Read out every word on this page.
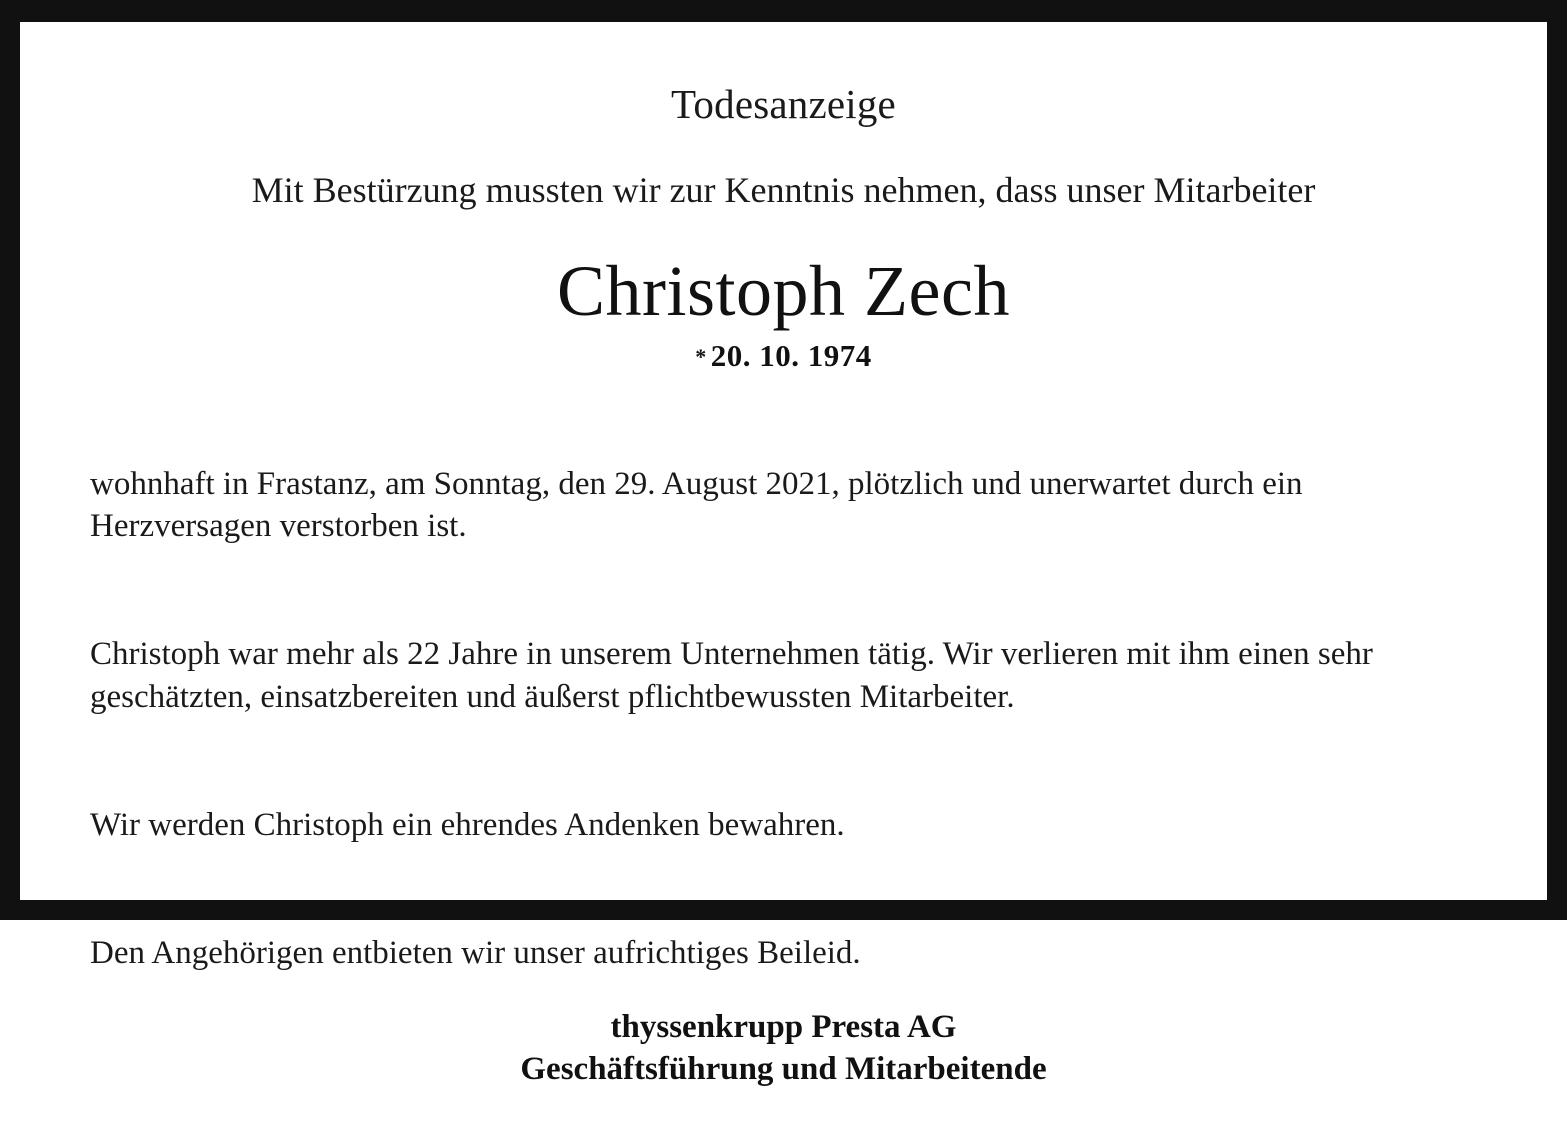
Todesanzeige
Mit Bestürzung mussten wir zur Kenntnis nehmen, dass unser Mitarbeiter
Christoph Zech
* 20. 10. 1974

wohnhaft in Frastanz, am Sonntag, den 29. August 2021, plötzlich und unerwartet durch ein Herzversagen verstorben ist.

Christoph war mehr als 22 Jahre in unserem Unternehmen tätig. Wir verlieren mit ihm einen sehr geschätzten, einsatzbereiten und äußerst pflichtbewussten Mitarbeiter.

Wir werden Christoph ein ehrendes Andenken bewahren.

Den Angehörigen entbieten wir unser aufrichtiges Beileid.

thyssenkrupp Presta AG
Geschäftsführung und Mitarbeitende
